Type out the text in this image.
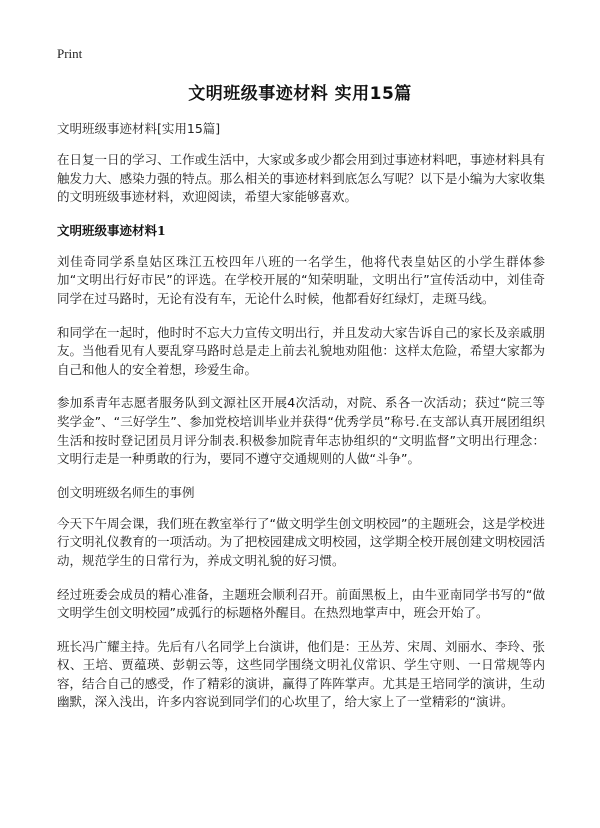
Print
文明班级事迹材料 实用15篇

文明班级事迹材料[实用15篇]

在日复一日的学习、工作或生活中，大家或多或少都会用到过事迹材料吧，事迹材料具有触发力大、感染力强的特点。那么相关的事迹材料到底怎么写呢？以下是小编为大家收集的文明班级事迹材料，欢迎阅读，希望大家能够喜欢。

文明班级事迹材料1

刘佳奇同学系皇姑区珠江五校四年八班的一名学生，他将代表皇姑区的小学生群体参加“文明出行好市民”的评选。在学校开展的“知荣明耻，文明出行”宣传活动中，刘佳奇同学在过马路时，无论有没有车，无论什么时候，他都看好红绿灯，走斑马线。

和同学在一起时，他时时不忘大力宣传文明出行，并且发动大家告诉自己的家长及亲戚朋友。当他看见有人要乱穿马路时总是走上前去礼貌地劝阻他：这样太危险，希望大家都为自己和他人的安全着想，珍爱生命。

参加系青年志愿者服务队到文源社区开展4次活动，对院、系各一次活动；获过“院三等奖学金”、“三好学生”、参加党校培训毕业并获得“优秀学员”称号.在支部认真开展团组织生活和按时登记团员月评分制表.积极参加院青年志协组织的“文明监督”文明出行理念：文明行走是一种勇敢的行为，要同不遵守交通规则的人做“斗争”。

创文明班级名师生的事例

今天下午周会课，我们班在教室举行了“做文明学生创文明校园”的主题班会，这是学校进行文明礼仪教育的一项活动。为了把校园建成文明校园，这学期全校开展创建文明校园活动，规范学生的日常行为，养成文明礼貌的好习惯。

经过班委会成员的精心准备，主题班会顺利召开。前面黑板上，由牛亚南同学书写的“做文明学生创文明校园”成弧行的标题格外醒目。在热烈地掌声中，班会开始了。

班长冯广耀主持。先后有八名同学上台演讲，他们是：王丛芳、宋周、刘丽水、李玲、张权、王培、贾蕴瑛、彭朝云等，这些同学围绕文明礼仪常识、学生守则、一日常规等内容，结合自己的感受，作了精彩的演讲，赢得了阵阵掌声。尤其是王培同学的演讲，生动幽默，深入浅出，许多内容说到同学们的心坎里了，给大家上了一堂精彩的“演讲。
